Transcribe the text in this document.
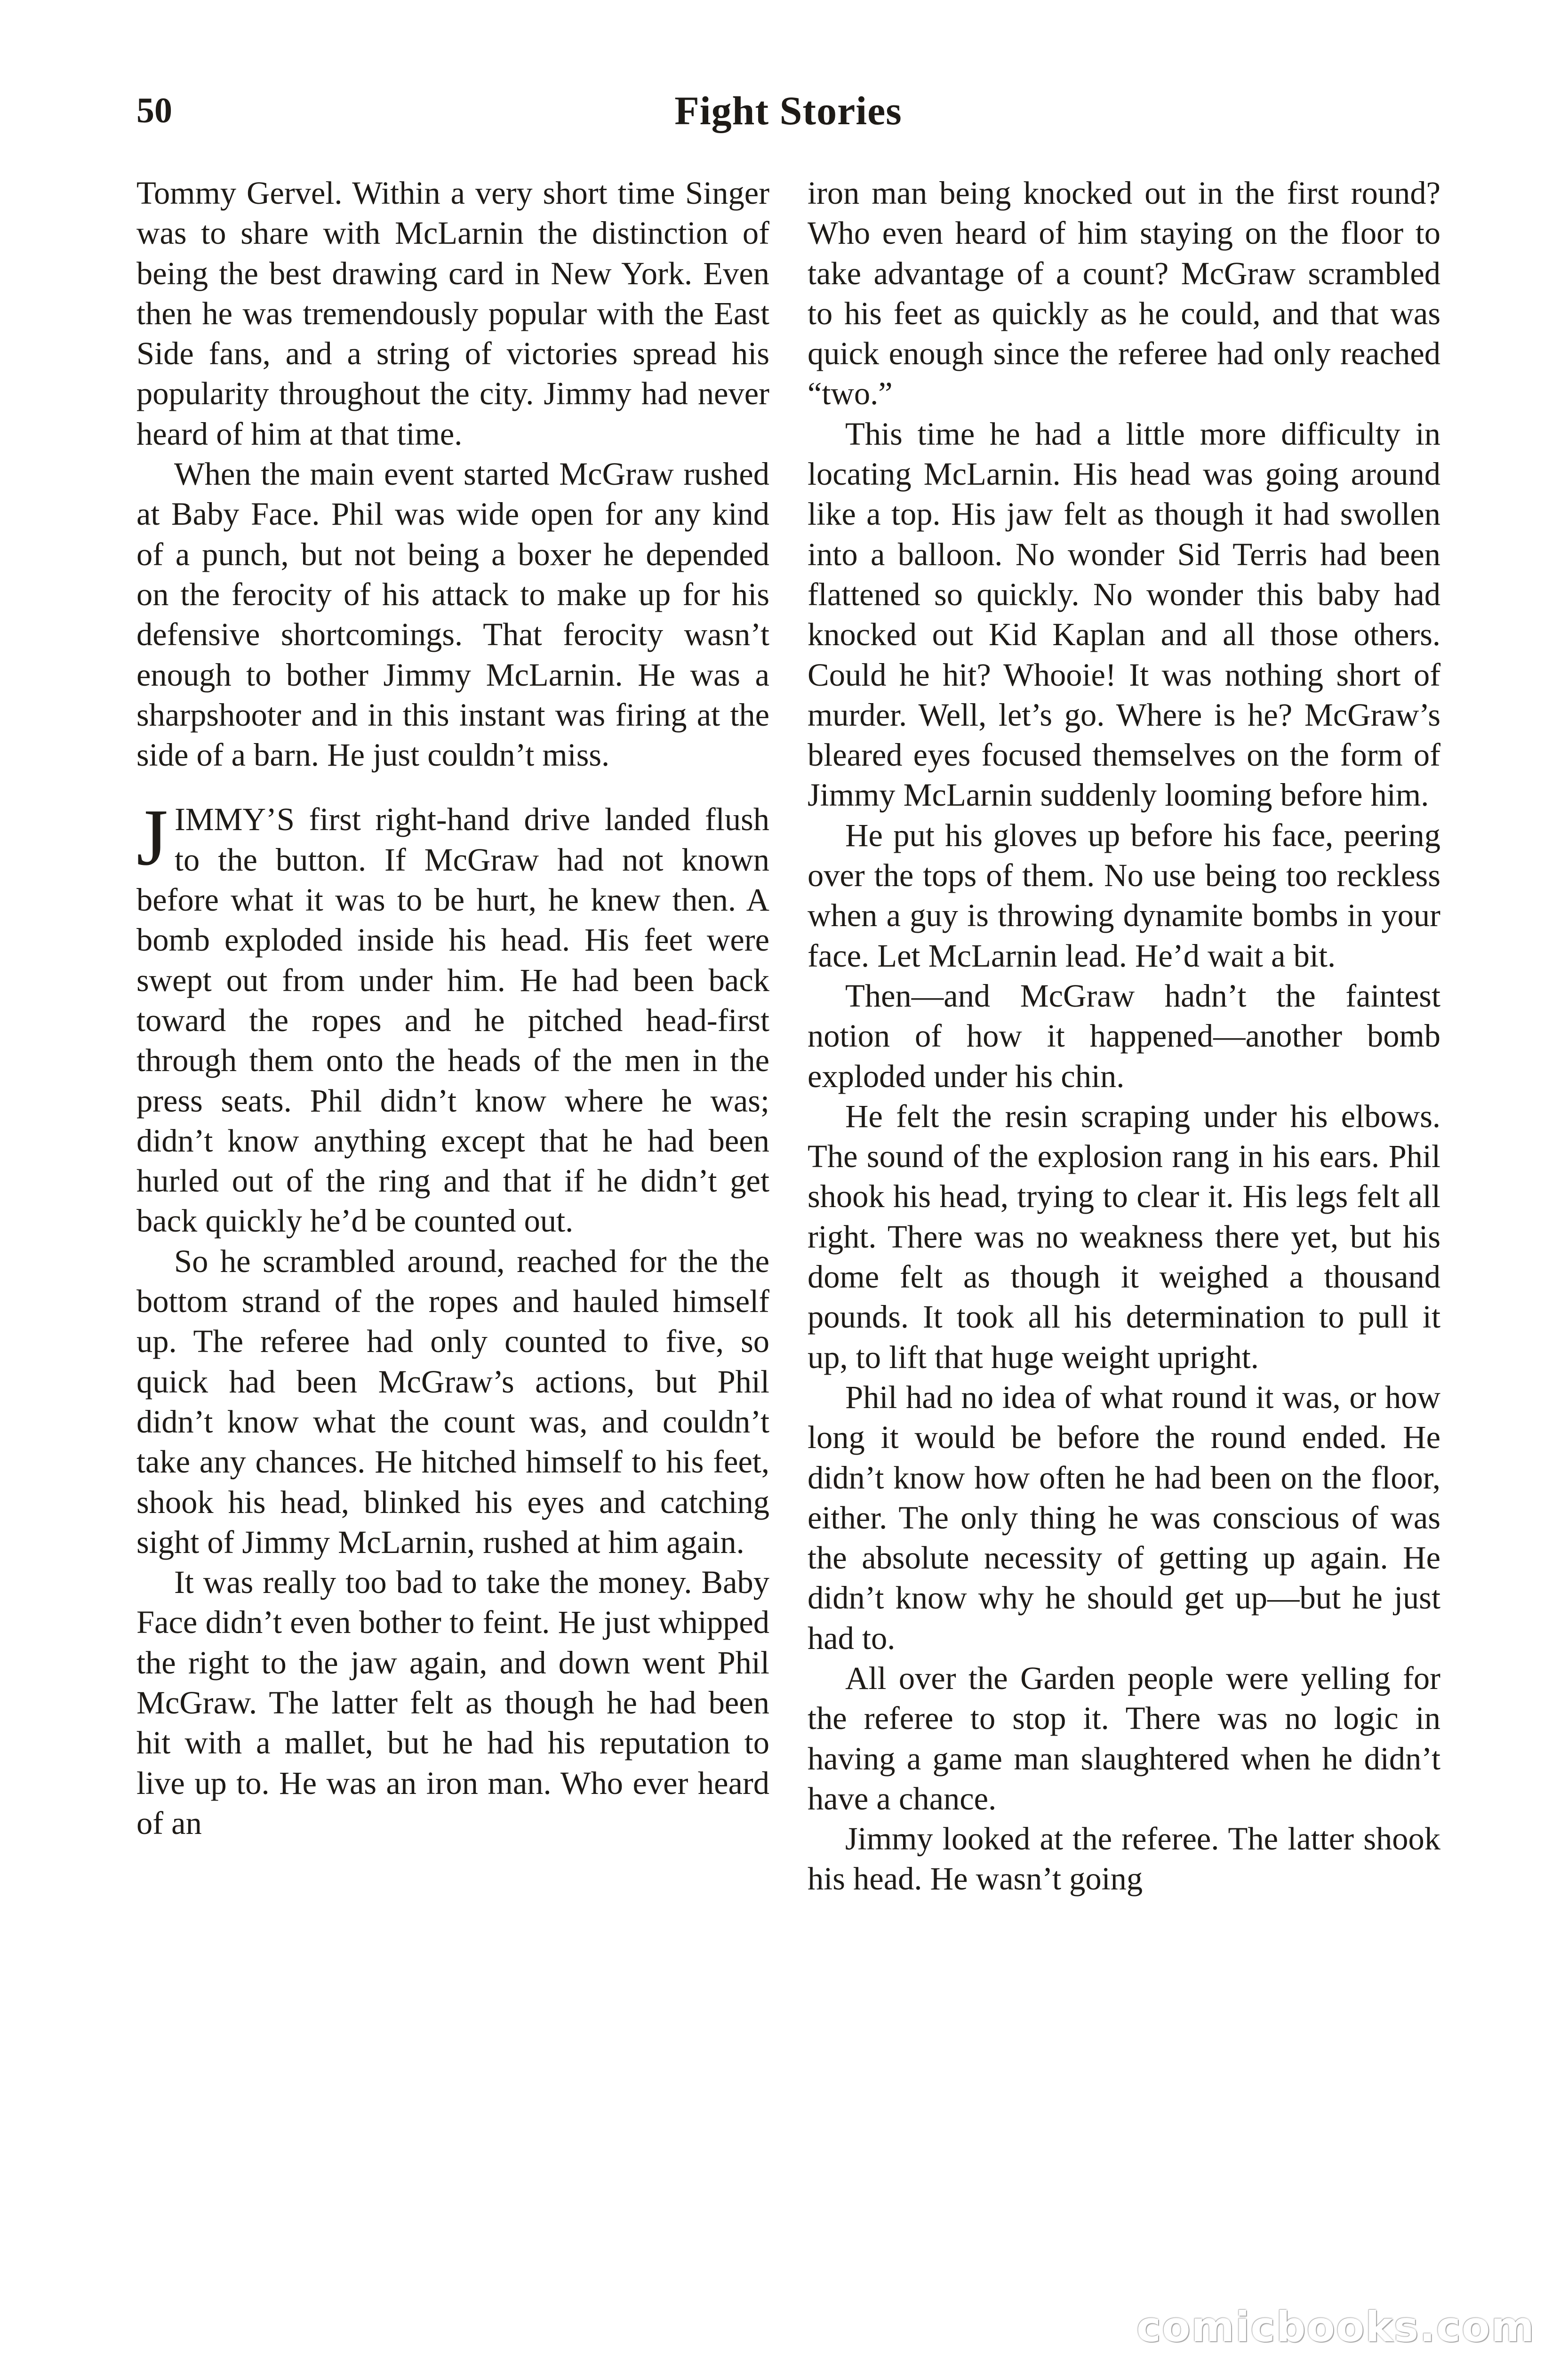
50	Fight Stories

Tommy Gervel. Within a very short time Singer was to share with McLarnin the distinction of being the best drawing card in New York. Even then he was tremendously popular with the East Side fans, and a string of victories spread his popularity throughout the city. Jimmy had never heard of him at that time.

When the main event started McGraw rushed at Baby Face. Phil was wide open for any kind of a punch, but not being a boxer he depended on the ferocity of his attack to make up for his defensive shortcomings. That ferocity wasn’t enough to bother Jimmy McLarnin. He was a sharpshooter and in this instant was firing at the side of a barn. He just couldn’t miss.

JIMMY’S first right-hand drive landed flush to the button. If McGraw had not known before what it was to be hurt, he knew then. A bomb exploded inside his head. His feet were swept out from under him. He had been back toward the ropes and he pitched head-first through them onto the heads of the men in the press seats. Phil didn’t know where he was; didn’t know anything except that he had been hurled out of the ring and that if he didn’t get back quickly he’d be counted out.

So he scrambled around, reached for the the bottom strand of the ropes and hauled himself up. The referee had only counted to five, so quick had been McGraw’s actions, but Phil didn’t know what the count was, and couldn’t take any chances. He hitched himself to his feet, shook his head, blinked his eyes and catching sight of Jimmy McLarnin, rushed at him again.

It was really too bad to take the money. Baby Face didn’t even bother to feint. He just whipped the right to the jaw again, and down went Phil McGraw. The latter felt as though he had been hit with a mallet, but he had his reputation to live up to. He was an iron man. Who ever heard of an

iron man being knocked out in the first round? Who even heard of him staying on the floor to take advantage of a count? McGraw scrambled to his feet as quickly as he could, and that was quick enough since the referee had only reached “two.”

This time he had a little more difficulty in locating McLarnin. His head was going around like a top. His jaw felt as though it had swollen into a balloon. No wonder Sid Terris had been flattened so quickly. No wonder this baby had knocked out Kid Kaplan and all those others. Could he hit? Whooie! It was nothing short of murder. Well, let’s go. Where is he? McGraw’s bleared eyes focused themselves on the form of Jimmy McLarnin suddenly looming before him.

He put his gloves up before his face, peering over the tops of them. No use being too reckless when a guy is throwing dynamite bombs in your face. Let McLarnin lead. He’d wait a bit.

Then—and McGraw hadn’t the faintest notion of how it happened—another bomb exploded under his chin.

He felt the resin scraping under his elbows. The sound of the explosion rang in his ears. Phil shook his head, trying to clear it. His legs felt all right. There was no weakness there yet, but his dome felt as though it weighed a thousand pounds. It took all his determination to pull it up, to lift that huge weight upright.

Phil had no idea of what round it was, or how long it would be before the round ended. He didn’t know how often he had been on the floor, either. The only thing he was conscious of was the absolute necessity of getting up again. He didn’t know why he should get up—but he just had to.

All over the Garden people were yelling for the referee to stop it. There was no logic in having a game man slaughtered when he didn’t have a chance.

Jimmy looked at the referee. The latter shook his head. He wasn’t going

comicbooks.com
